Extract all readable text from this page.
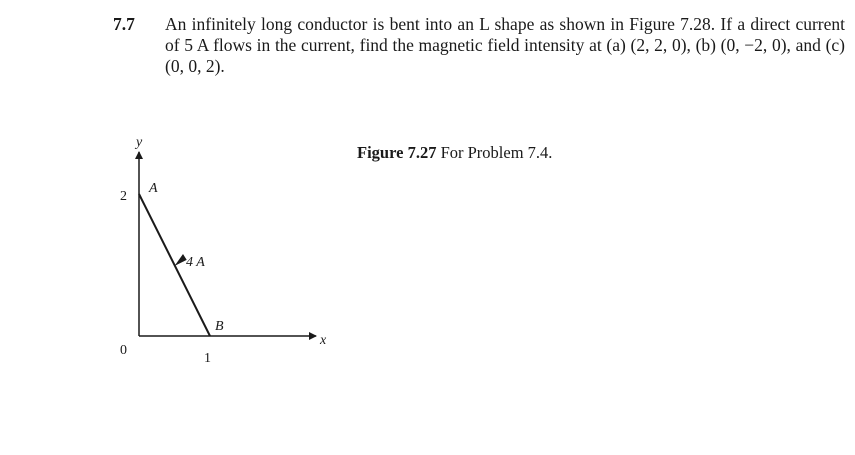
7.7 An infinitely long conductor is bent into an L shape as shown in Figure 7.28. If a direct current of 5 A flows in the current, find the magnetic field intensity at (a) (2, 2, 0), (b) (0, −2, 0), and (c) (0, 0, 2).
y
x
0
2
1
A
B
4 A
Figure 7.27 For Problem 7.4.
